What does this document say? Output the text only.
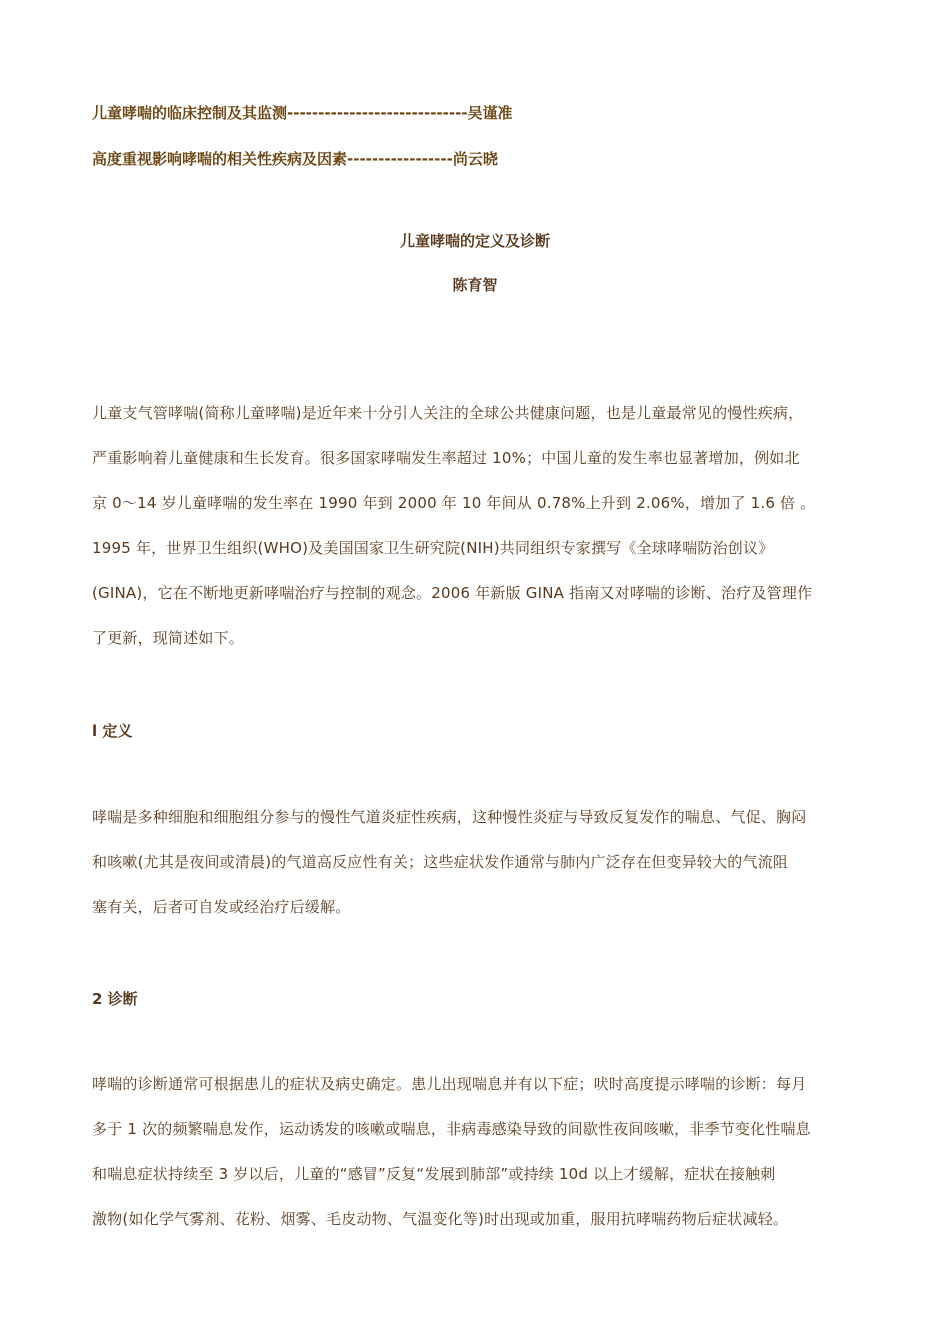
儿童哮喘的临床控制及其监测-----------------------------吴谨准
高度重视影响哮喘的相关性疾病及因素-----------------尚云晓
儿童哮喘的定义及诊断
陈育智
儿童支气管哮喘(简称儿童哮喘)是近年来十分引人关注的全球公共健康问题，也是儿童最常见的慢性疾病，
严重影响着儿童健康和生长发育。很多国家哮喘发生率超过 10%；中国儿童的发生率也显著增加，例如北
京 0～14 岁儿童哮喘的发生率在 1990 年到 2000 年 10 年间从 0.78%上升到 2.06%，增加了 1.6 倍 。
1995 年，世界卫生组织(WHO)及美国国家卫生研究院(NIH)共同组织专家撰写《全球哮喘防治创议》
(GINA)，它在不断地更新哮喘治疗与控制的观念。2006 年新版 GINA 指南又对哮喘的诊断、治疗及管理作
了更新，现简述如下。
l 定义
哮喘是多种细胞和细胞组分参与的慢性气道炎症性疾病，这种慢性炎症与导致反复发作的喘息、气促、胸闷
和咳嗽(尤其是夜间或清晨)的气道高反应性有关；这些症状发作通常与肺内广泛存在但变异较大的气流阻
塞有关，后者可自发或经治疗后缓解。
2 诊断
哮喘的诊断通常可根据患儿的症状及病史确定。患儿出现喘息并有以下症；吠时高度提示哮喘的诊断：每月
多于 1 次的频繁喘息发作，运动诱发的咳嗽或喘息，非病毒感染导致的间歇性夜间咳嗽，非季节变化性喘息
和喘息症状持续至 3 岁以后，儿童的“感冒”反复“发展到肺部”或持续 10d 以上才缓解，症状在接触刺
激物(如化学气雾剂、花粉、烟雾、毛皮动物、气温变化等)时出现或加重，服用抗哮喘药物后症状减轻。
